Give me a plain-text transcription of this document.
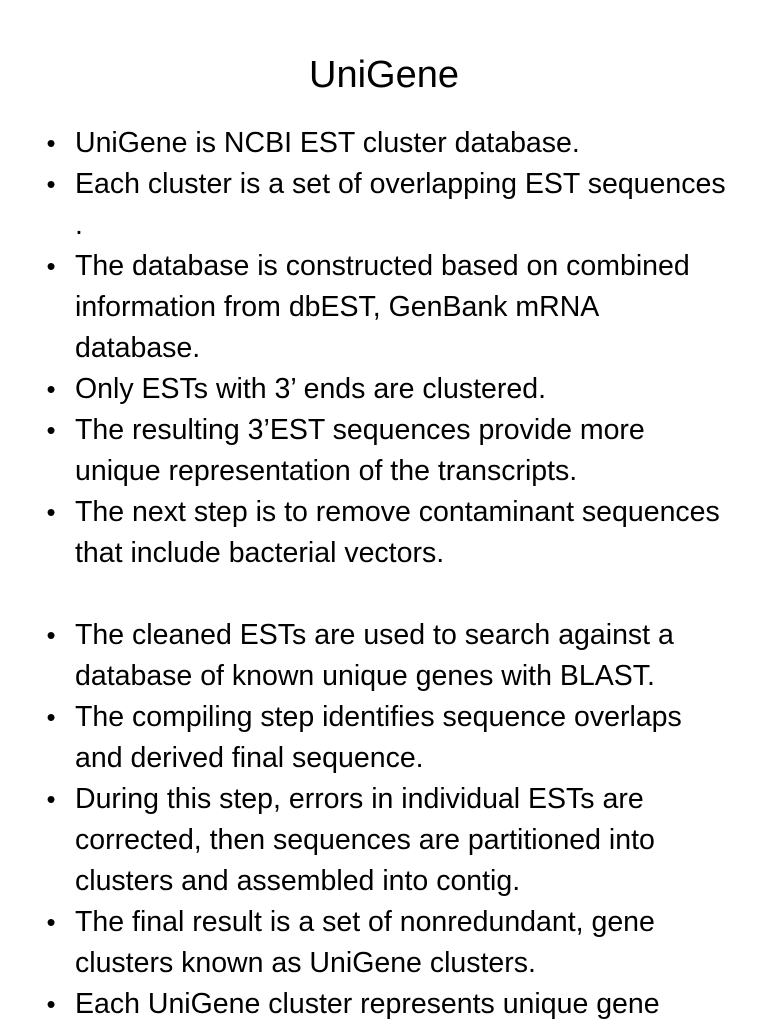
UniGene
• UniGene is NCBI EST cluster database.
• Each cluster is a set of overlapping EST sequences .
• The database is constructed based on combined information from dbEST, GenBank mRNA database.
• Only ESTs with 3’ ends are clustered.
• The resulting 3’EST sequences provide more unique representation of the transcripts.
• The next step is to remove contaminant sequences that include bacterial vectors.
• The cleaned ESTs are used to search against a database of known unique genes with BLAST.
• The compiling step identifies sequence overlaps and derived final sequence.
• During this step, errors in individual ESTs are corrected, then sequences are partitioned into clusters and assembled into contig.
• The final result is a set of nonredundant, gene clusters known as UniGene clusters.
• Each UniGene cluster represents unique gene
